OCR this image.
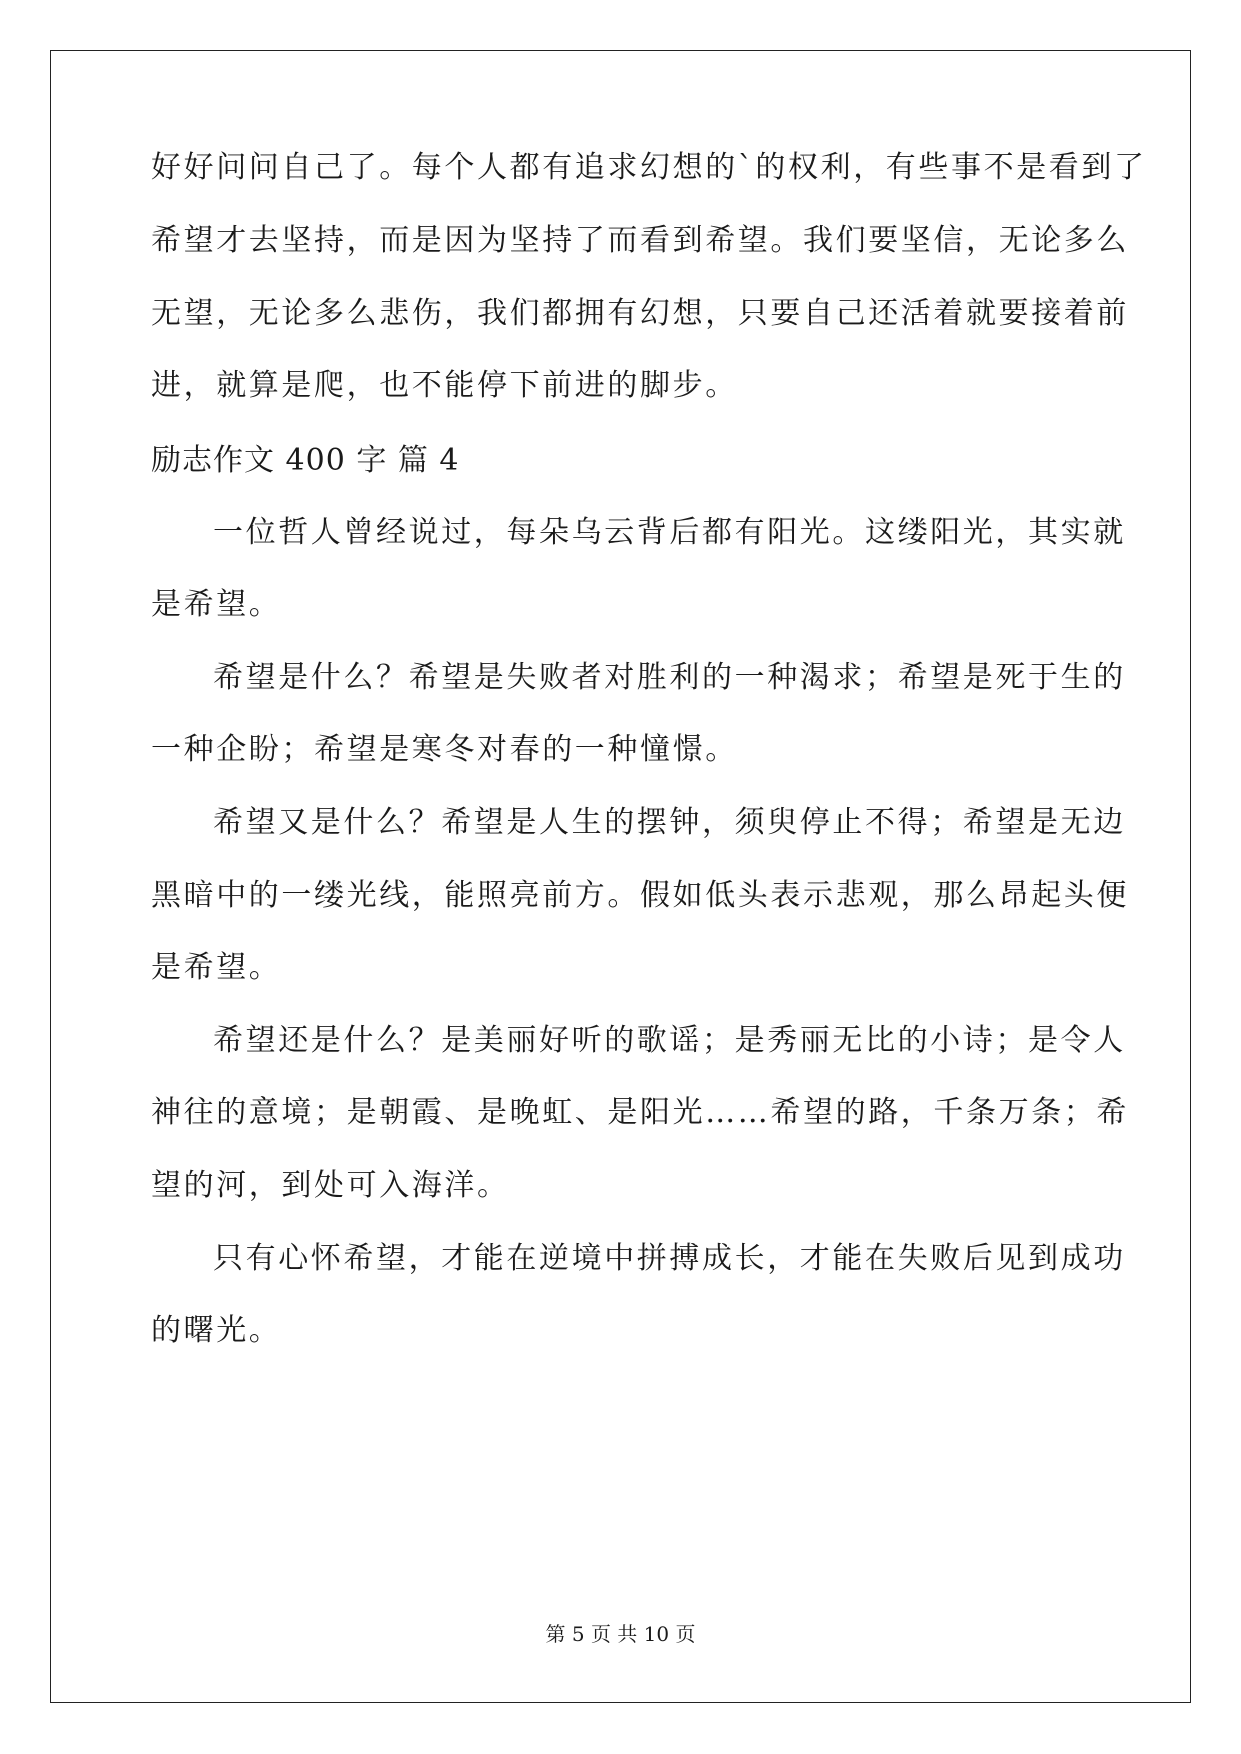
好好问问自己了。每个人都有追求幻想的`的权利，有些事不是看到了
希望才去坚持，而是因为坚持了而看到希望。我们要坚信，无论多么
无望，无论多么悲伤，我们都拥有幻想，只要自己还活着就要接着前
进，就算是爬，也不能停下前进的脚步。
励志作文 400 字 篇 4
一位哲人曾经说过，每朵乌云背后都有阳光。这缕阳光，其实就
是希望。
希望是什么？希望是失败者对胜利的一种渴求；希望是死于生的
一种企盼；希望是寒冬对春的一种憧憬。
希望又是什么？希望是人生的摆钟，须臾停止不得；希望是无边
黑暗中的一缕光线，能照亮前方。假如低头表示悲观，那么昂起头便
是希望。
希望还是什么？是美丽好听的歌谣；是秀丽无比的小诗；是令人
神往的意境；是朝霞、是晚虹、是阳光……希望的路，千条万条；希
望的河，到处可入海洋。
只有心怀希望，才能在逆境中拼搏成长，才能在失败后见到成功
的曙光。
第 5 页 共 10 页
